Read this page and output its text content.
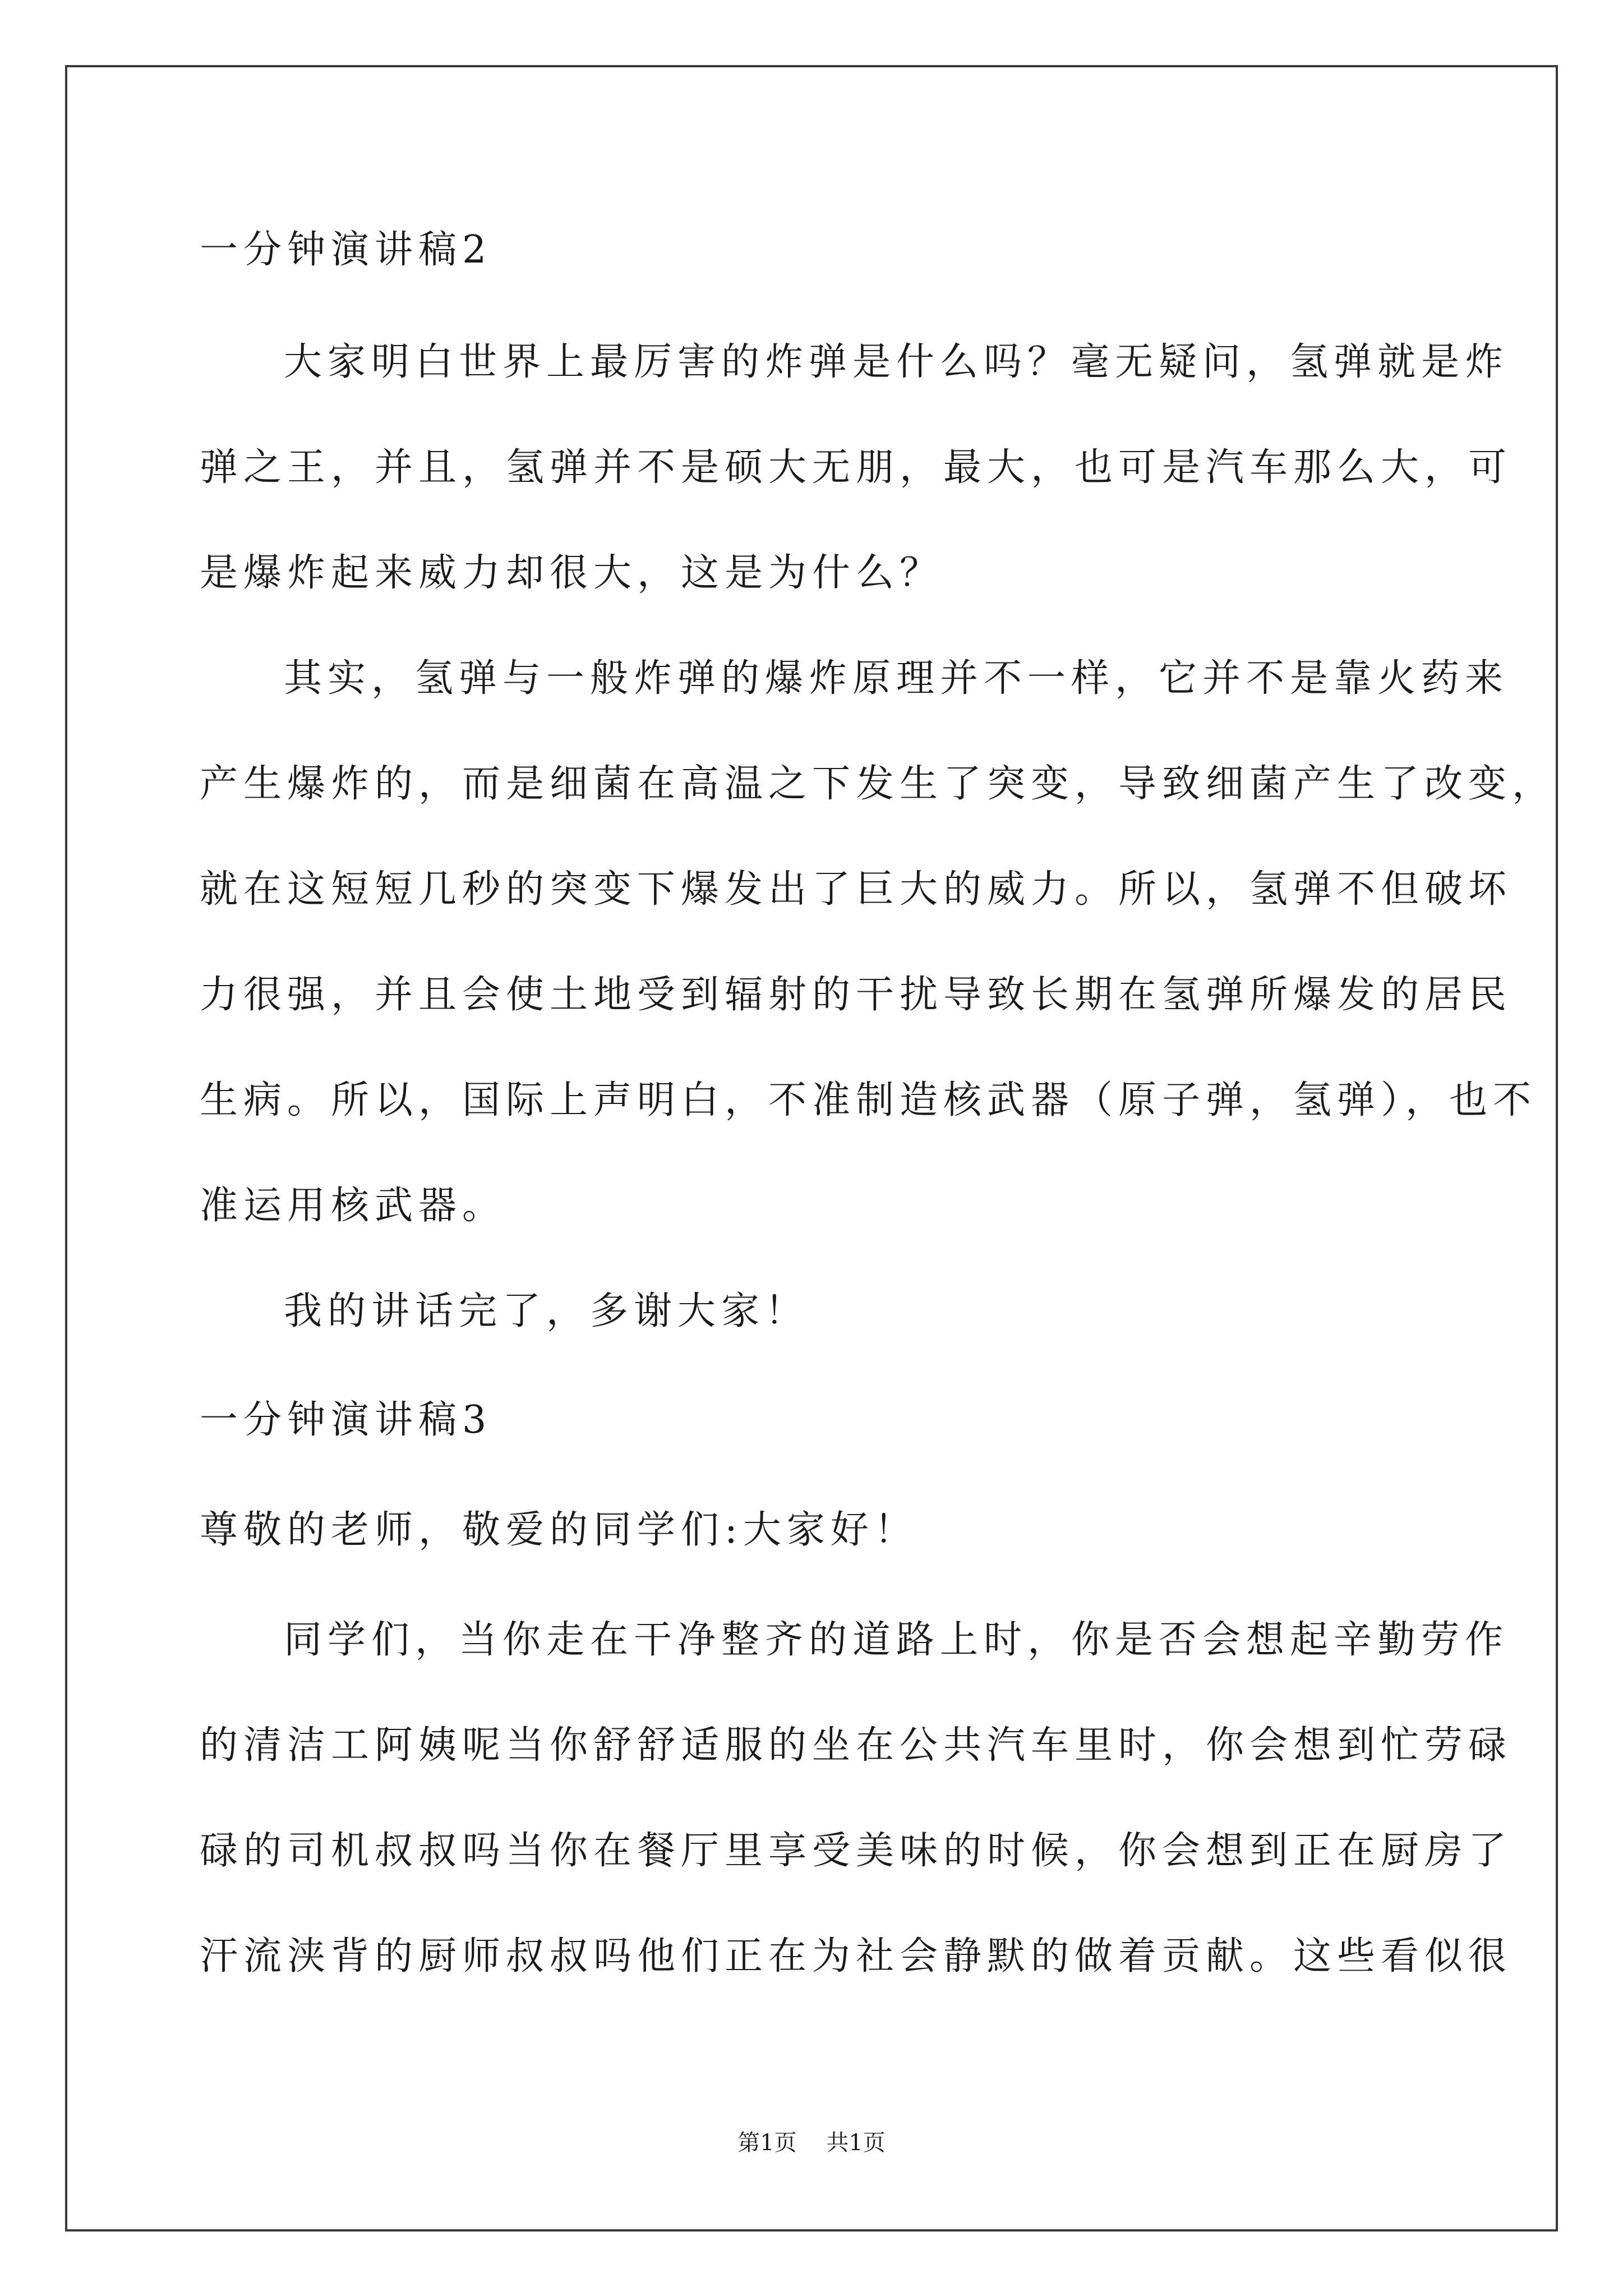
一分钟演讲稿2
大家明白世界上最厉害的炸弹是什么吗？毫无疑问，氢弹就是炸
弹之王，并且，氢弹并不是硕大无朋，最大，也可是汽车那么大，可
是爆炸起来威力却很大，这是为什么？
其实，氢弹与一般炸弹的爆炸原理并不一样，它并不是靠火药来
产生爆炸的，而是细菌在高温之下发生了突变，导致细菌产生了改变，
就在这短短几秒的突变下爆发出了巨大的威力。所以，氢弹不但破坏
力很强，并且会使土地受到辐射的干扰导致长期在氢弹所爆发的居民
生病。所以，国际上声明白，不准制造核武器（原子弹，氢弹），也不
准运用核武器。
我的讲话完了，多谢大家！
一分钟演讲稿3
尊敬的老师，敬爱的同学们:大家好！
同学们，当你走在干净整齐的道路上时，你是否会想起辛勤劳作
的清洁工阿姨呢当你舒舒适服的坐在公共汽车里时，你会想到忙劳碌
碌的司机叔叔吗当你在餐厅里享受美味的时候，你会想到正在厨房了
汗流浃背的厨师叔叔吗他们正在为社会静默的做着贡献。这些看似很
第1页 共1页
